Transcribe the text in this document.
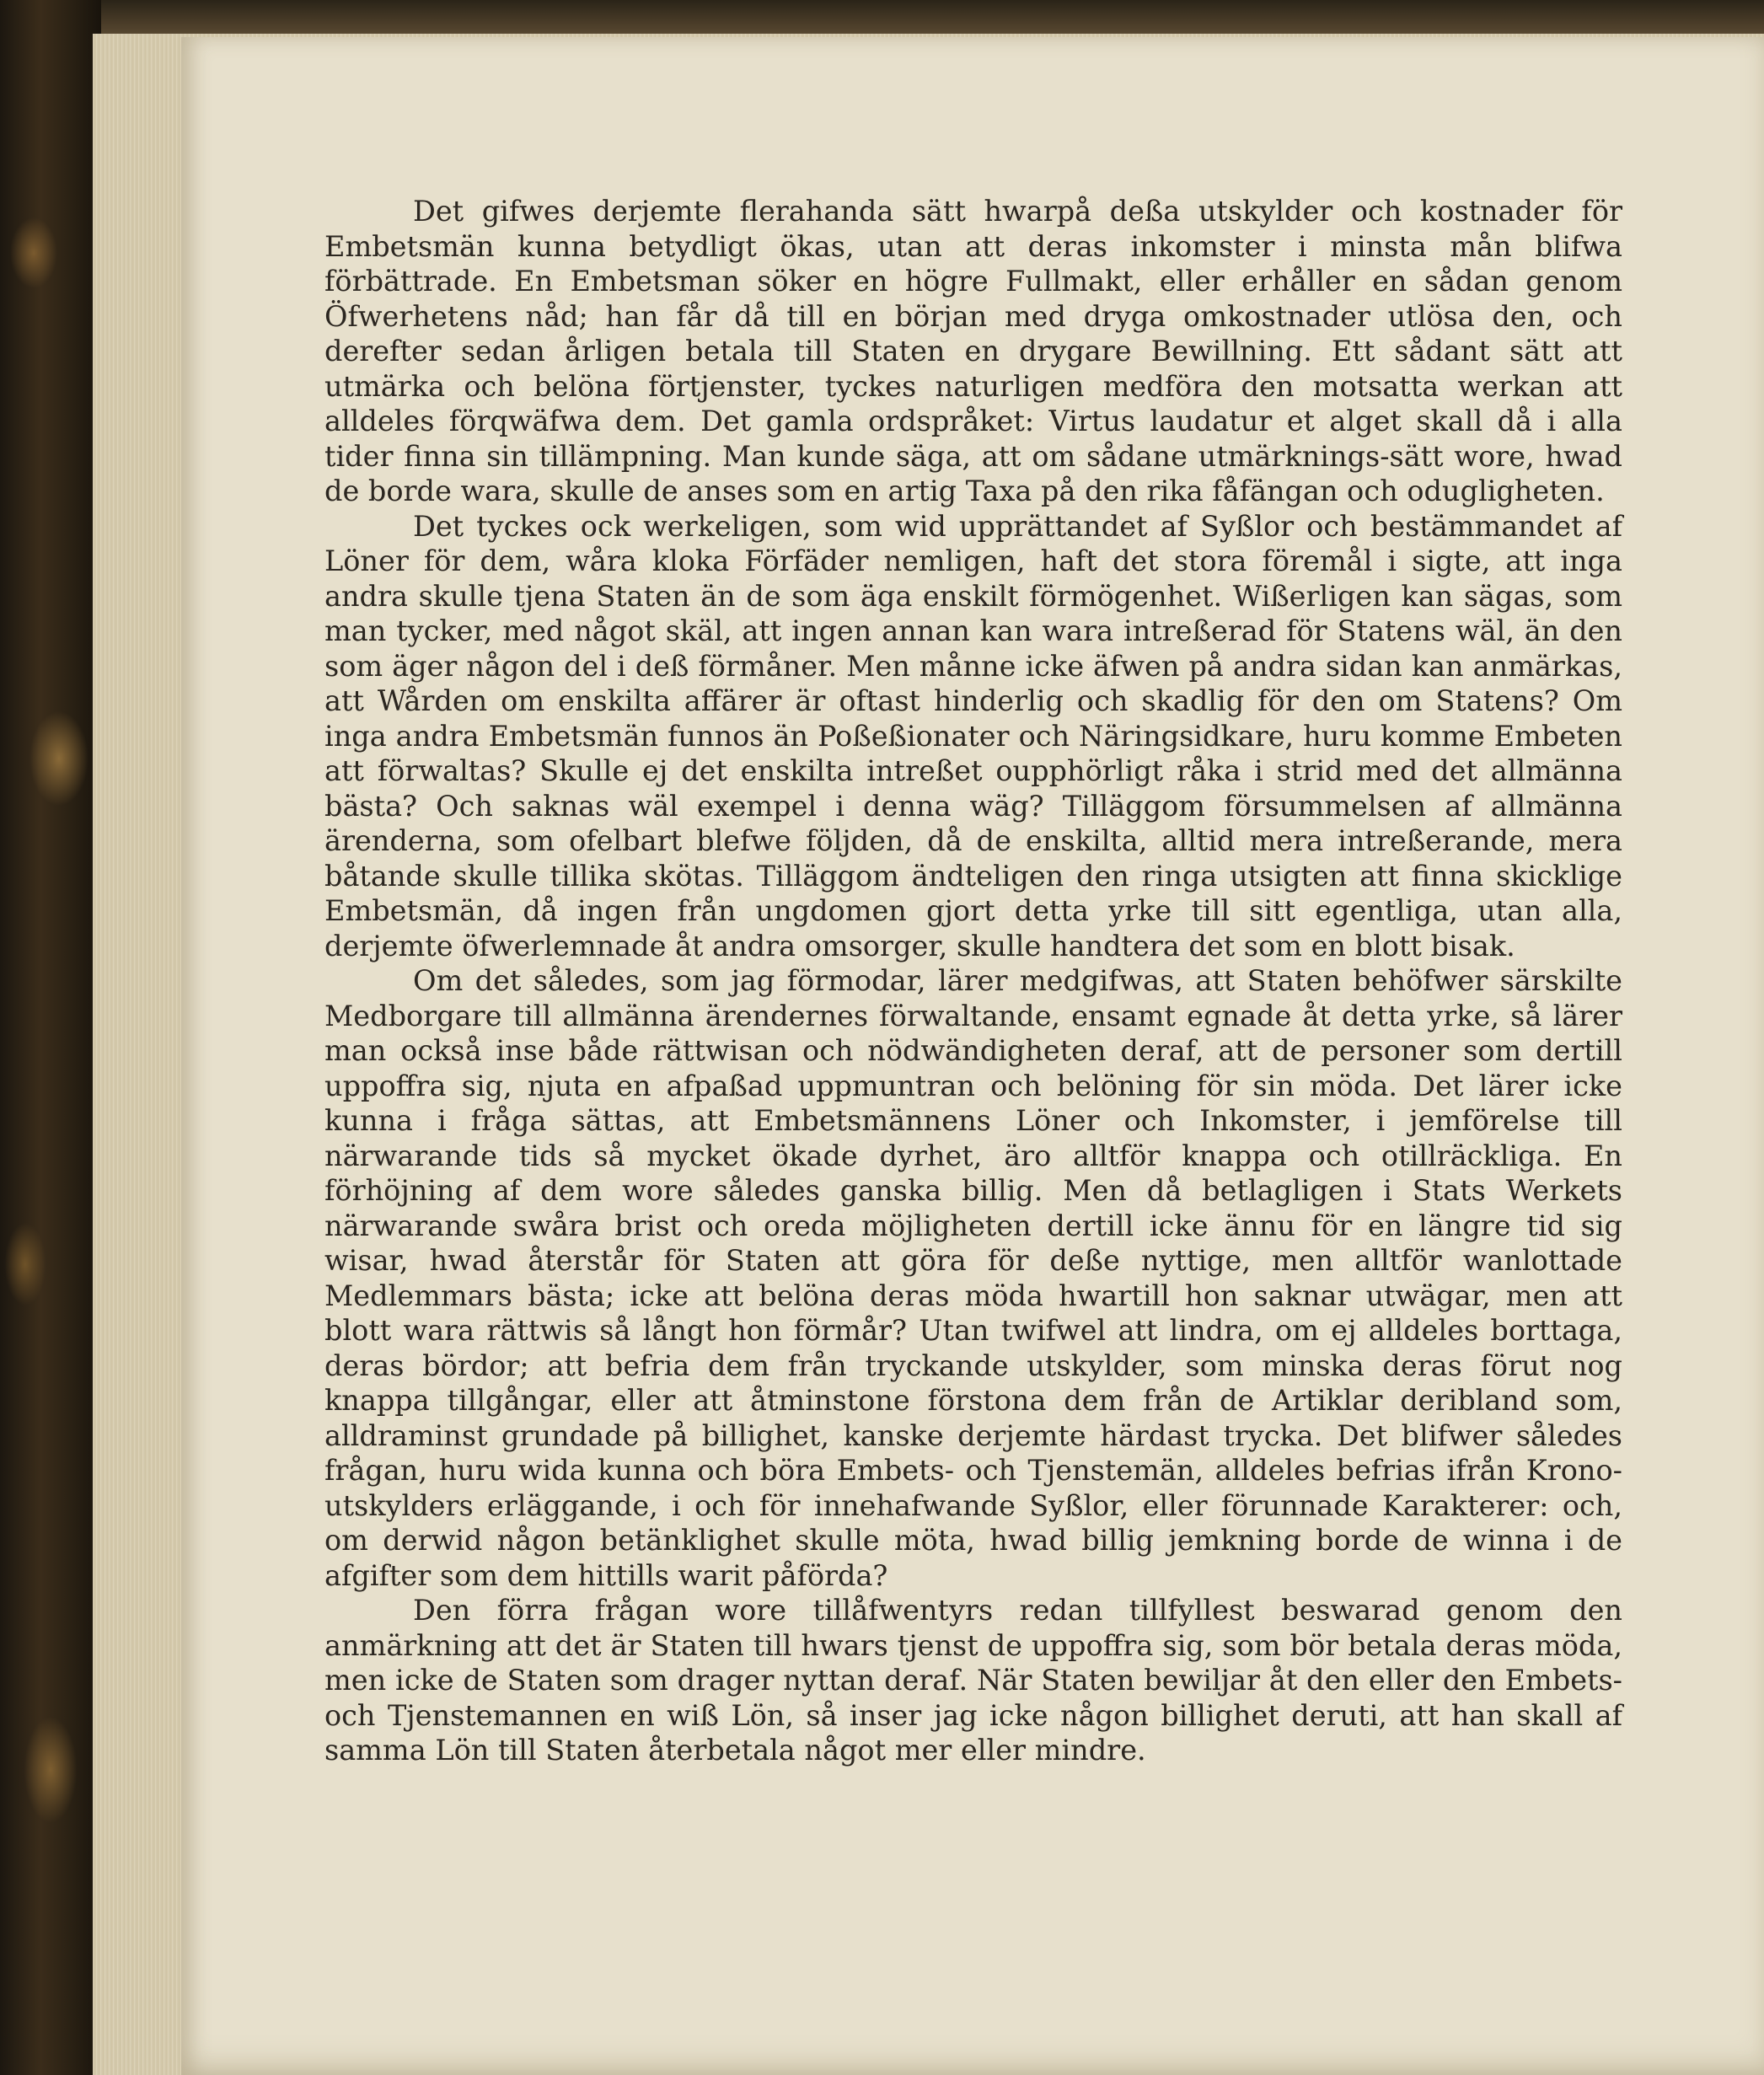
Det gifwes derjemte flerahanda sätt hwarpå deßa utskylder och kostnader för Embetsmän kunna betydligt ökas, utan att deras inkomster i minsta mån blifwa förbättrade. En Embetsman söker en högre Fullmakt, eller erhåller en sådan genom Öfwerhetens nåd; han får då till en början med dryga omkostnader utlösa den, och derefter sedan årligen betala till Staten en drygare Bewillning. Ett sådant sätt att utmärka och belöna förtjenster, tyckes naturligen medföra den motsatta werkan att alldeles förqwäfwa dem. Det gamla ordspråket: Virtus laudatur et alget skall då i alla tider finna sin tillämpning. Man kunde säga, att om sådane utmärknings-sätt wore, hwad de borde wara, skulle de anses som en artig Taxa på den rika fåfängan och odugligheten.

Det tyckes ock werkeligen, som wid upprättandet af Syßlor och bestämmandet af Löner för dem, wåra kloka Förfäder nemligen, haft det stora föremål i sigte, att inga andra skulle tjena Staten än de som äga enskilt förmögenhet. Wißerligen kan sägas, som man tycker, med något skäl, att ingen annan kan wara intreßerad för Statens wäl, än den som äger någon del i deß förmåner. Men månne icke äfwen på andra sidan kan anmärkas, att Wården om enskilta affärer är oftast hinderlig och skadlig för den om Statens? Om inga andra Embetsmän funnos än Poßeßionater och Näringsidkare, huru komme Embeten att förwaltas? Skulle ej det enskilta intreßet oupphörligt råka i strid med det allmänna bästa? Och saknas wäl exempel i denna wäg? Tilläggom försummelsen af allmänna ärenderna, som ofelbart blefwe följden, då de enskilta, alltid mera intreßerande, mera båtande skulle tillika skötas. Tilläggom ändteligen den ringa utsigten att finna skicklige Embetsmän, då ingen från ungdomen gjort detta yrke till sitt egentliga, utan alla, derjemte öfwerlemnade åt andra omsorger, skulle handtera det som en blott bisak.

Om det således, som jag förmodar, lärer medgifwas, att Staten behöfwer särskilte Medborgare till allmänna ärendernes förwaltande, ensamt egnade åt detta yrke, så lärer man också inse både rättwisan och nödwändigheten deraf, att de personer som dertill uppoffra sig, njuta en afpaßad uppmuntran och belöning för sin möda. Det lärer icke kunna i fråga sättas, att Embetsmännens Löner och Inkomster, i jemförelse till närwarande tids så mycket ökade dyrhet, äro alltför knappa och otillräckliga. En förhöjning af dem wore således ganska billig. Men då betlagligen i Stats Werkets närwarande swåra brist och oreda möjligheten dertill icke ännu för en längre tid sig wisar, hwad återstår för Staten att göra för deße nyttige, men alltför wanlottade Medlemmars bästa; icke att belöna deras möda hwartill hon saknar utwägar, men att blott wara rättwis så långt hon förmår? Utan twifwel att lindra, om ej alldeles borttaga, deras bördor; att befria dem från tryckande utskylder, som minska deras förut nog knappa tillgångar, eller att åtminstone förstona dem från de Artiklar deribland som, alldraminst grundade på billighet, kanske derjemte härdast trycka. Det blifwer således frågan, huru wida kunna och böra Embets- och Tjenstemän, alldeles befrias ifrån Krono-utskylders erläggande, i och för innehafwande Syßlor, eller förunnade Karakterer: och, om derwid någon betänklighet skulle möta, hwad billig jemkning borde de winna i de afgifter som dem hittills warit påförda?

Den förra frågan wore tillåfwentyrs redan tillfyllest beswarad genom den anmärkning att det är Staten till hwars tjenst de uppoffra sig, som bör betala deras möda, men icke de Staten som drager nyttan deraf. När Staten bewiljar åt den eller den Embets- och Tjenstemannen en wiß Lön, så inser jag icke någon billighet deruti, att han skall af samma Lön till Staten återbetala något mer eller mindre.
